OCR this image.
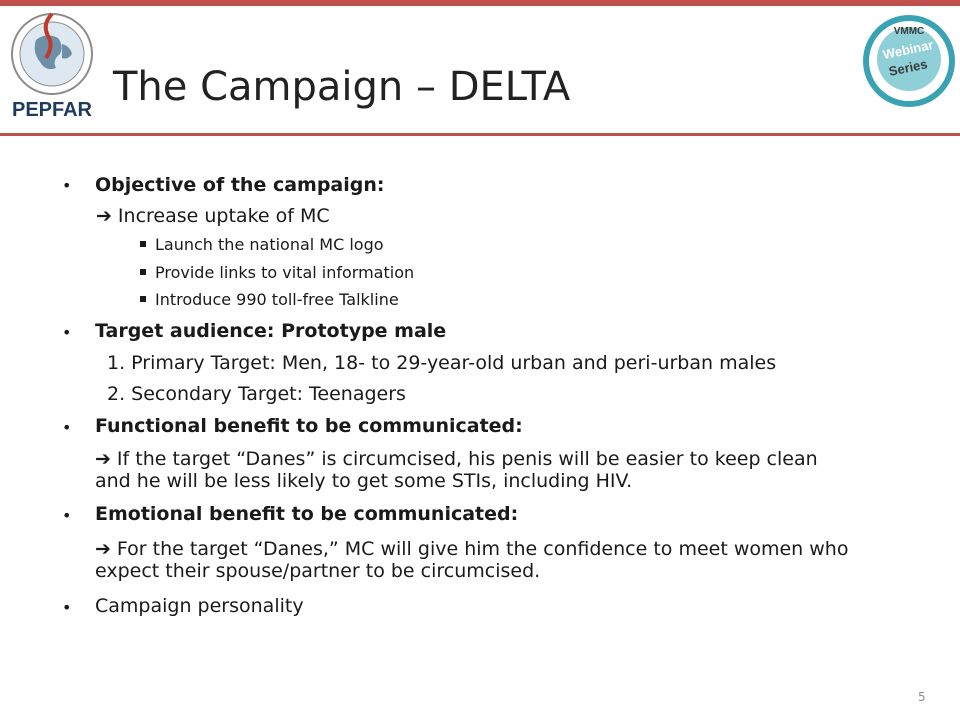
PEPFAR
VMMC
Webinar
Series
The Campaign – DELTA
• Objective of the campaign:
➔ Increase uptake of MC
Launch the national MC logo
Provide links to vital information
Introduce 990 toll-free Talkline
• Target audience: Prototype male
1. Primary Target: Men, 18- to 29-year-old urban and peri-urban males
2. Secondary Target: Teenagers
• Functional benefit to be communicated:
➔ If the target “Danes” is circumcised, his penis will be easier to keep clean and he will be less likely to get some STIs, including HIV.
• Emotional benefit to be communicated:
➔ For the target “Danes,” MC will give him the confidence to meet women who expect their spouse/partner to be circumcised.
• Campaign personality
5
